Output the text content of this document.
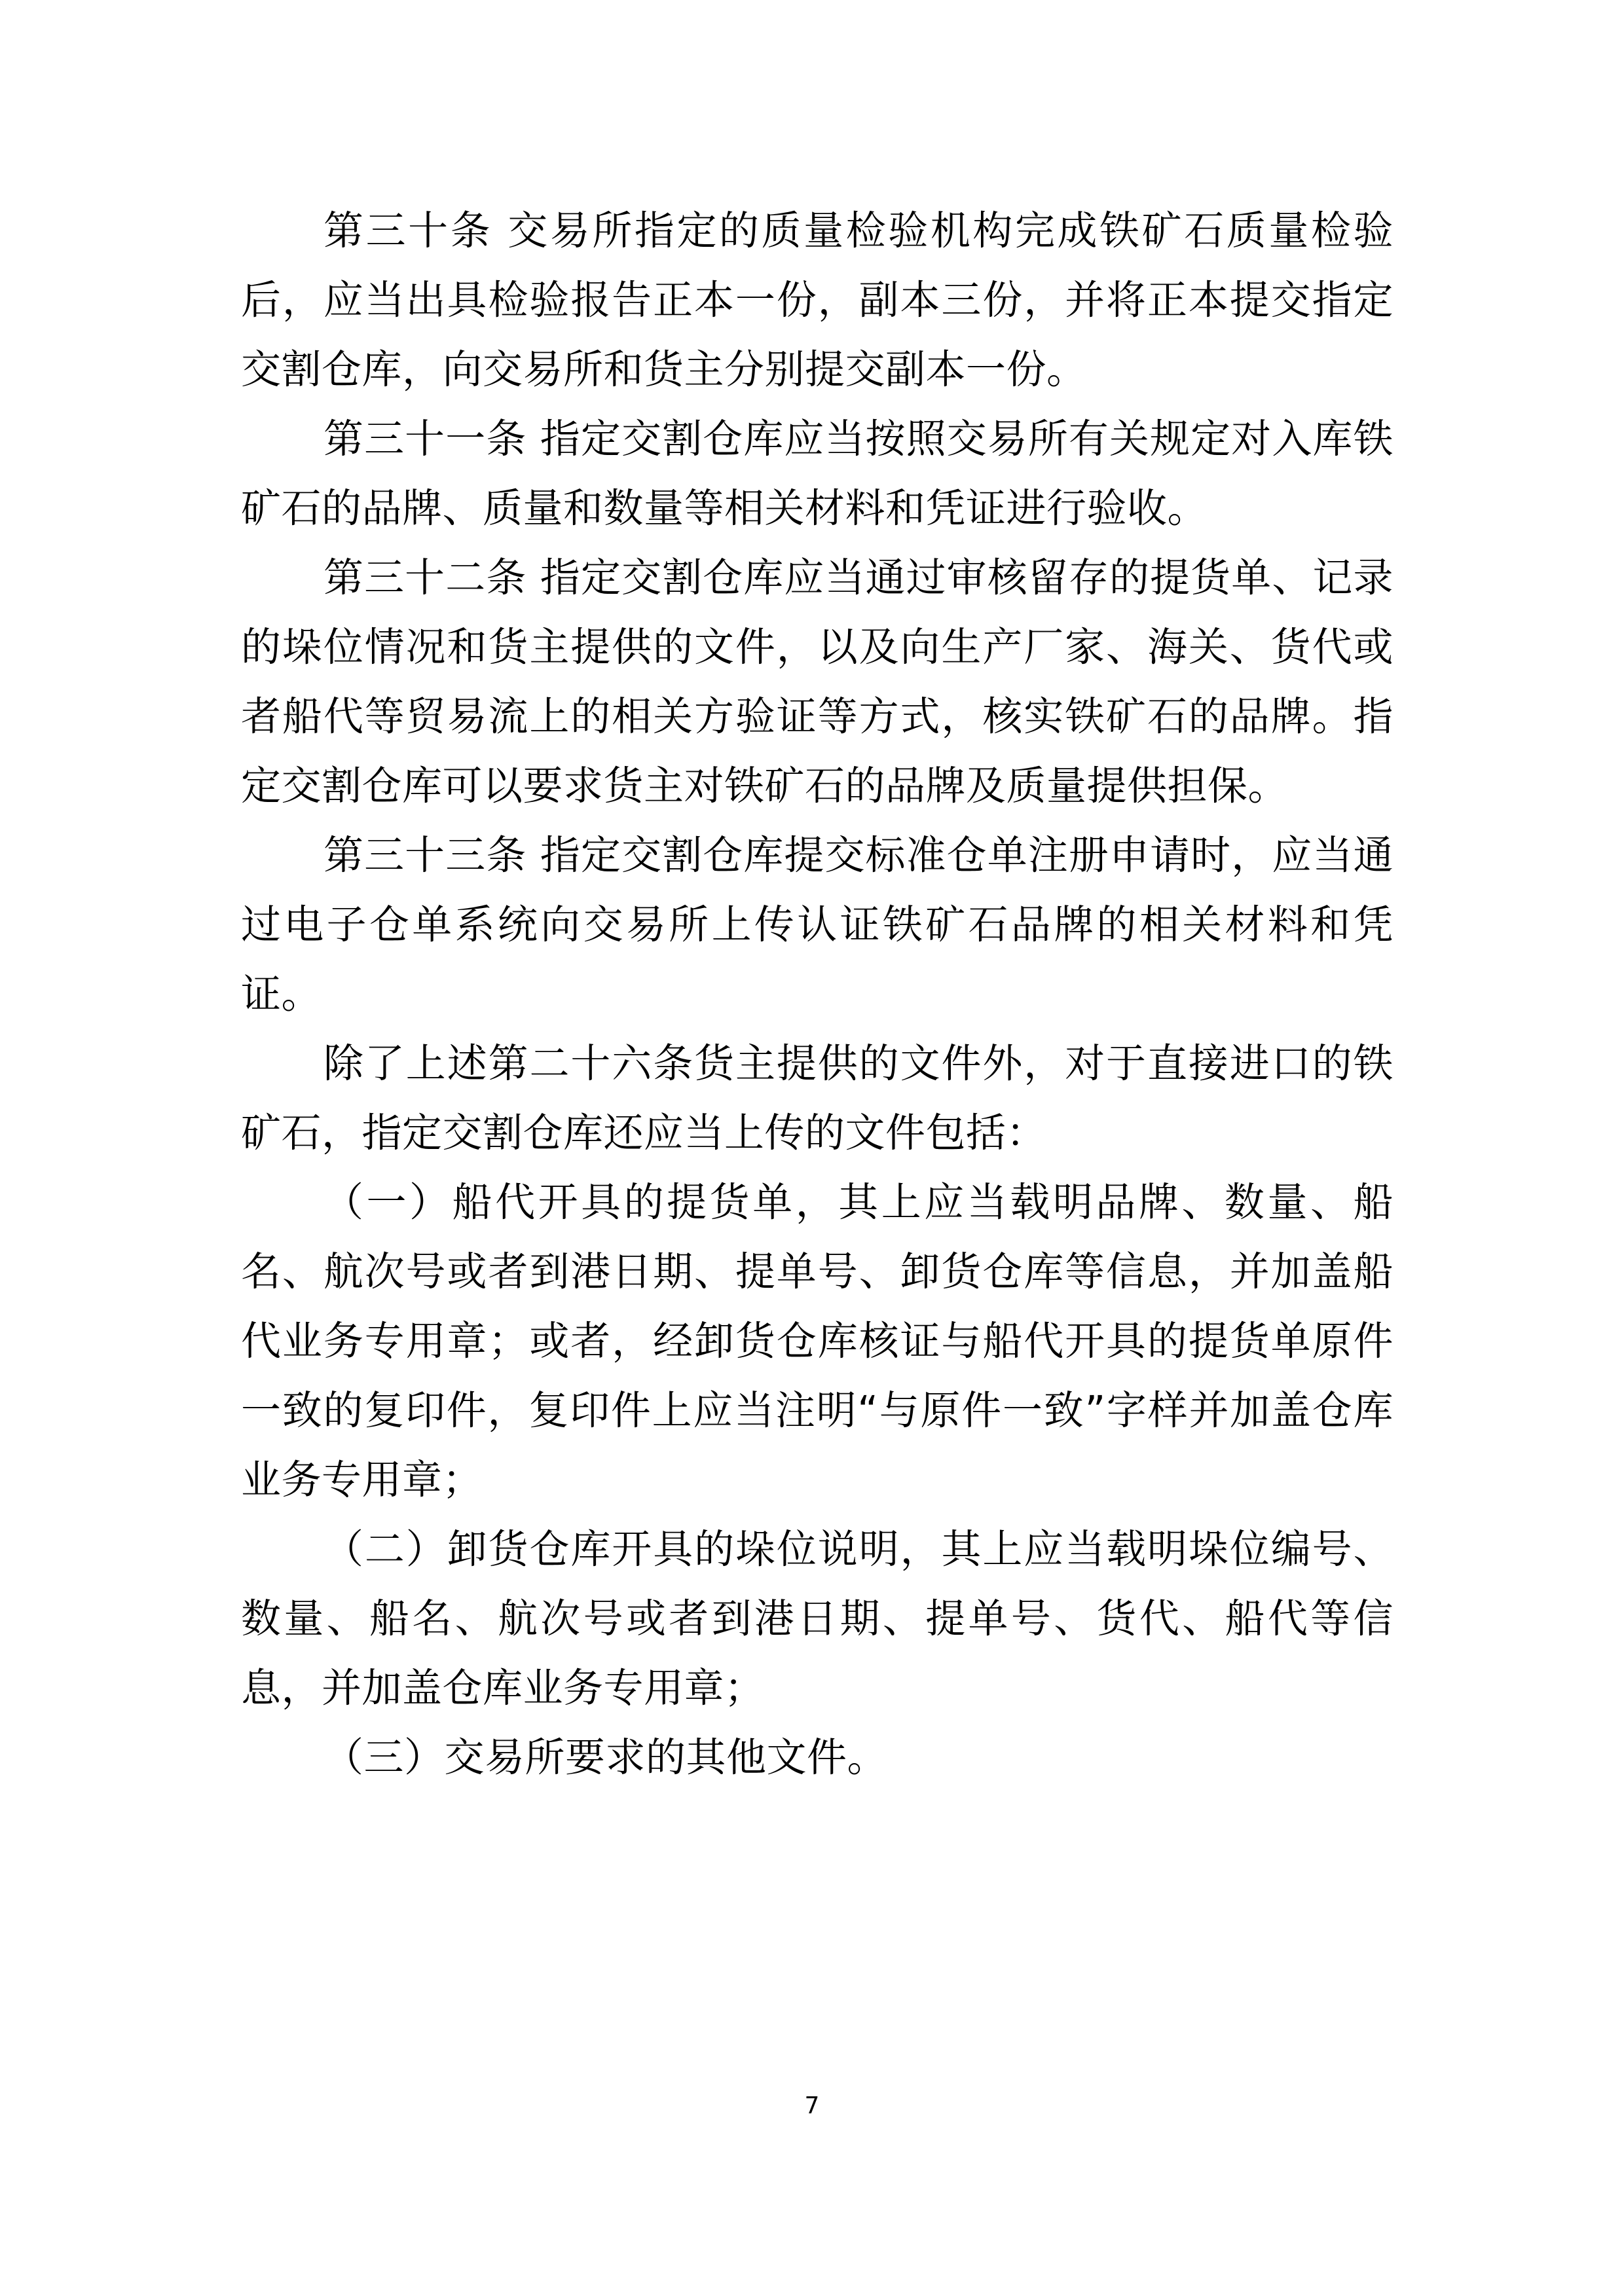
第三十条 交易所指定的质量检验机构完成铁矿石质量检验后，应当出具检验报告正本一份，副本三份，并将正本提交指定交割仓库，向交易所和货主分别提交副本一份。

第三十一条 指定交割仓库应当按照交易所有关规定对入库铁矿石的品牌、质量和数量等相关材料和凭证进行验收。

第三十二条 指定交割仓库应当通过审核留存的提货单、记录的垛位情况和货主提供的文件，以及向生产厂家、海关、货代或者船代等贸易流上的相关方验证等方式，核实铁矿石的品牌。指定交割仓库可以要求货主对铁矿石的品牌及质量提供担保。

第三十三条 指定交割仓库提交标准仓单注册申请时，应当通过电子仓单系统向交易所上传认证铁矿石品牌的相关材料和凭证。

除了上述第二十六条货主提供的文件外，对于直接进口的铁矿石，指定交割仓库还应当上传的文件包括：

（一）船代开具的提货单，其上应当载明品牌、数量、船名、航次号或者到港日期、提单号、卸货仓库等信息，并加盖船代业务专用章；或者，经卸货仓库核证与船代开具的提货单原件一致的复印件，复印件上应当注明“与原件一致”字样并加盖仓库业务专用章；

（二）卸货仓库开具的垛位说明，其上应当载明垛位编号、数量、船名、航次号或者到港日期、提单号、货代、船代等信息，并加盖仓库业务专用章；

（三）交易所要求的其他文件。

7
